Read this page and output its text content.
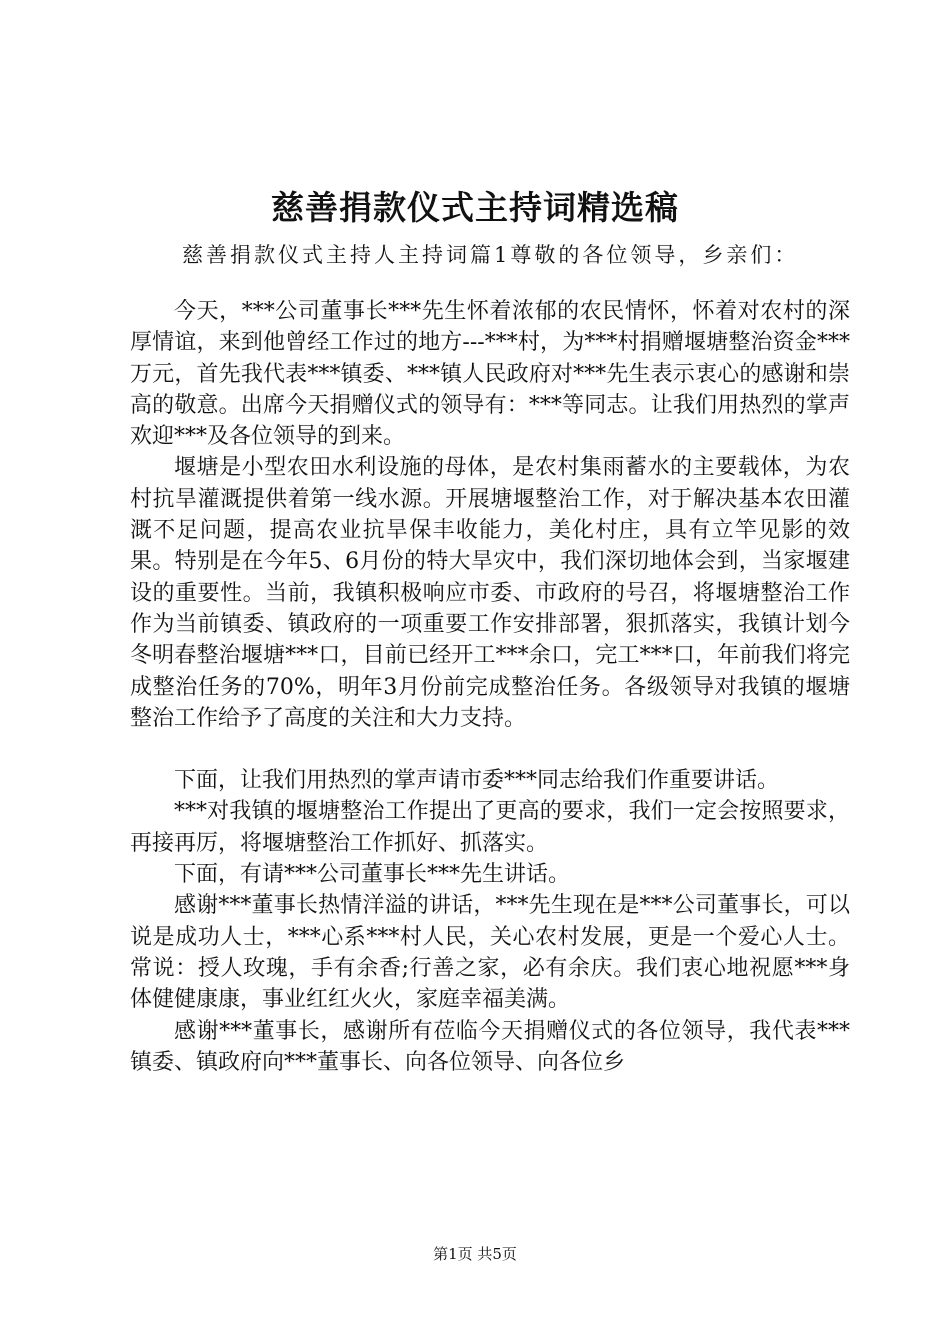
慈善捐款仪式主持词精选稿
慈善捐款仪式主持人主持词篇1尊敬的各位领导，乡亲们：

今天，***公司董事长***先生怀着浓郁的农民情怀，怀着对农村的深厚情谊，来到他曾经工作过的地方---***村，为***村捐赠堰塘整治资金***万元，首先我代表***镇委、***镇人民政府对***先生表示衷心的感谢和崇高的敬意。出席今天捐赠仪式的领导有：***等同志。让我们用热烈的掌声欢迎***及各位领导的到来。

堰塘是小型农田水利设施的母体，是农村集雨蓄水的主要载体，为农村抗旱灌溉提供着第一线水源。开展塘堰整治工作，对于解决基本农田灌溉不足问题，提高农业抗旱保丰收能力，美化村庄，具有立竿见影的效果。特别是在今年5、6月份的特大旱灾中，我们深切地体会到，当家堰建设的重要性。当前，我镇积极响应市委、市政府的号召，将堰塘整治工作作为当前镇委、镇政府的一项重要工作安排部署，狠抓落实，我镇计划今冬明春整治堰塘***口，目前已经开工***余口，完工***口，年前我们将完成整治任务的70%，明年3月份前完成整治任务。各级领导对我镇的堰塘整治工作给予了高度的关注和大力支持。

下面，让我们用热烈的掌声请市委***同志给我们作重要讲话。

***对我镇的堰塘整治工作提出了更高的要求，我们一定会按照要求，再接再厉，将堰塘整治工作抓好、抓落实。

下面，有请***公司董事长***先生讲话。

感谢***董事长热情洋溢的讲话，***先生现在是***公司董事长，可以说是成功人士，***心系***村人民，关心农村发展，更是一个爱心人士。常说：授人玫瑰，手有余香;行善之家，必有余庆。我们衷心地祝愿***身体健健康康，事业红红火火，家庭幸福美满。

感谢***董事长，感谢所有莅临今天捐赠仪式的各位领导，我代表***镇委、镇政府向***董事长、向各位领导、向各位乡

第1页 共5页
